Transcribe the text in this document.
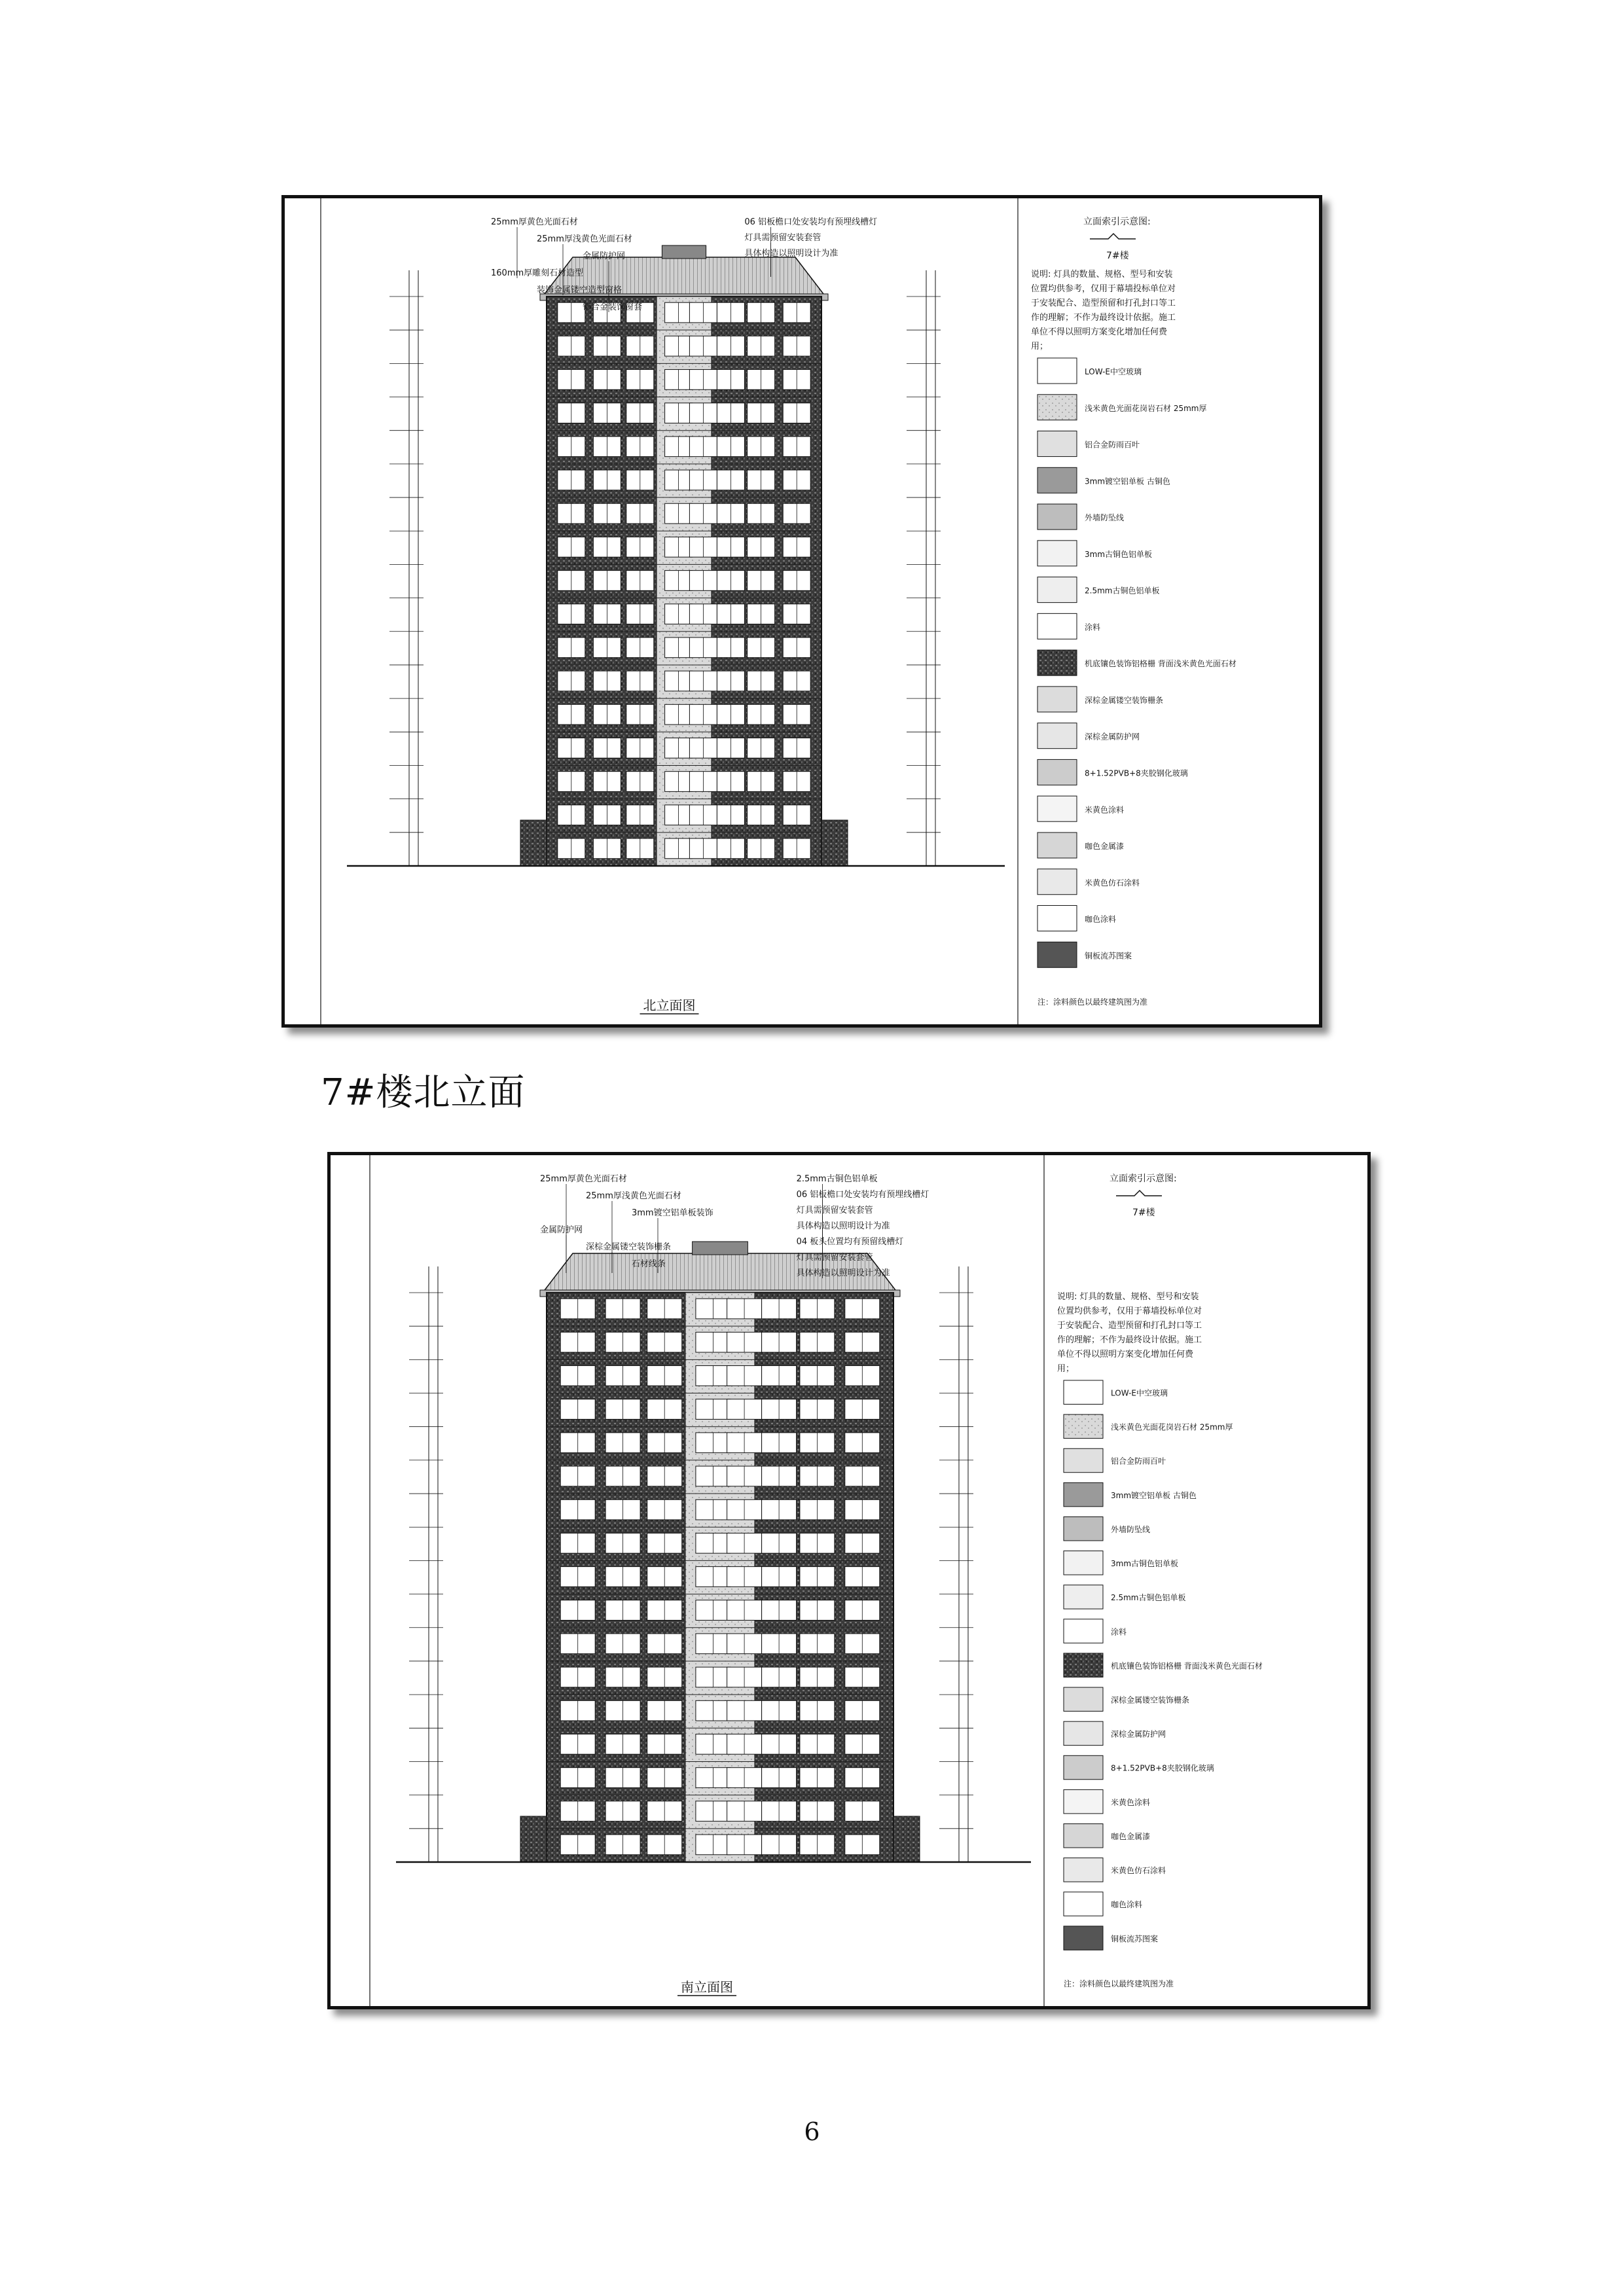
25mm厚黄色光面石材
25mm厚浅黄色光面石材
金属防护网
160mm厚雕刻石材造型
装饰金属镂空造型窗格
铝合金装饰窗套
06 铝板檐口处安装均有预埋线槽灯
灯具需预留安装套管
具体构造以照明设计为准
北立面图
立面索引示意图:
7#楼
说明: 灯具的数量、规格、型号和安装
位置均供参考，仅用于幕墙投标单位对
于安装配合、造型预留和打孔封口等工
作的理解；不作为最终设计依据。施工
单位不得以照明方案变化增加任何费
用；
LOW-E中空玻璃
浅米黄色光面花岗岩石材 25mm厚
铝合金防雨百叶
3mm镀空铝单板 古铜色
外墙防坠线
3mm古铜色铝单板
2.5mm古铜色铝单板
涂料
机底镶色装饰铝格栅 背面浅米黄色光面石材
深棕金属镂空装饰栅条
深棕金属防护网
8+1.52PVB+8夹胶钢化玻璃
米黄色涂料
咖色金属漆
米黄色仿石涂料
咖色涂料
铜板流苏图案
注：涂料颜色以最终建筑图为准
7#楼北立面
25mm厚黄色光面石材
25mm厚浅黄色光面石材
3mm镀空铝单板装饰
金属防护网
深棕金属镂空装饰栅条
石材线条
2.5mm古铜色铝单板
06 铝板檐口处安装均有预埋线槽灯
灯具需预留安装套管
具体构造以照明设计为准
04 板头位置均有预留线槽灯
灯具需预留安装套管
具体构造以照明设计为准
南立面图
立面索引示意图:
7#楼
说明: 灯具的数量、规格、型号和安装
位置均供参考，仅用于幕墙投标单位对
于安装配合、造型预留和打孔封口等工
作的理解；不作为最终设计依据。施工
单位不得以照明方案变化增加任何费
用；
LOW-E中空玻璃
浅米黄色光面花岗岩石材 25mm厚
铝合金防雨百叶
3mm镀空铝单板 古铜色
外墙防坠线
3mm古铜色铝单板
2.5mm古铜色铝单板
涂料
机底镶色装饰铝格栅 背面浅米黄色光面石材
深棕金属镂空装饰栅条
深棕金属防护网
8+1.52PVB+8夹胶钢化玻璃
米黄色涂料
咖色金属漆
米黄色仿石涂料
咖色涂料
铜板流苏图案
注：涂料颜色以最终建筑图为准
6
